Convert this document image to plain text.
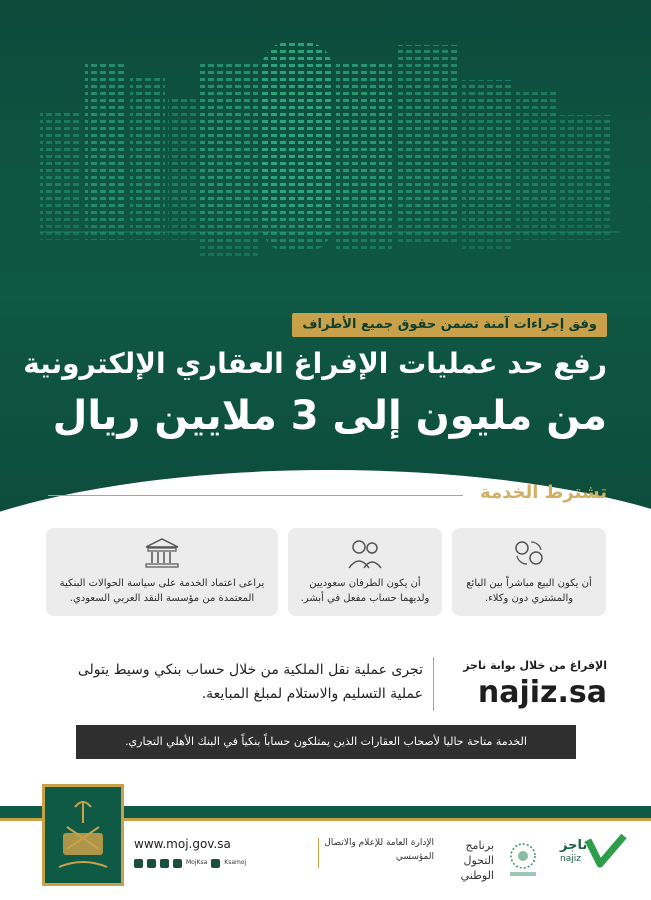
وفق إجراءات آمنة تضمن حقوق جميع الأطراف
رفع حد عمليات الإفراغ العقاري الإلكترونية
من مليون إلى 3 ملايين ريال
تشترط الخدمة
أن يكون البيع مباشراً بين البائع والمشتري دون وكلاء.
أن يكون الطرفان سعوديين ولديهما حساب مفعل في أبشر.
يراعى اعتماد الخدمة على سياسة الحوالات البنكية المعتمدة من مؤسسة النقد العربي السعودي.
الإفراغ من خلال بوابة ناجز
najiz.sa
تجرى عملية نقل الملكية من خلال حساب بنكي وسيط يتولى عملية التسليم والاستلام لمبلغ المبايعة.
الخدمة متاحة حاليا لأصحاب العقارات الذين يمتلكون حساباً بنكياً في البنك الأهلي التجاري.
www.moj.gov.sa
MojKsa	Ksamoj
الإدارة العامة للإعلام والاتصال المؤسسي
برنامج التحول الوطني
ناجز
najiz
